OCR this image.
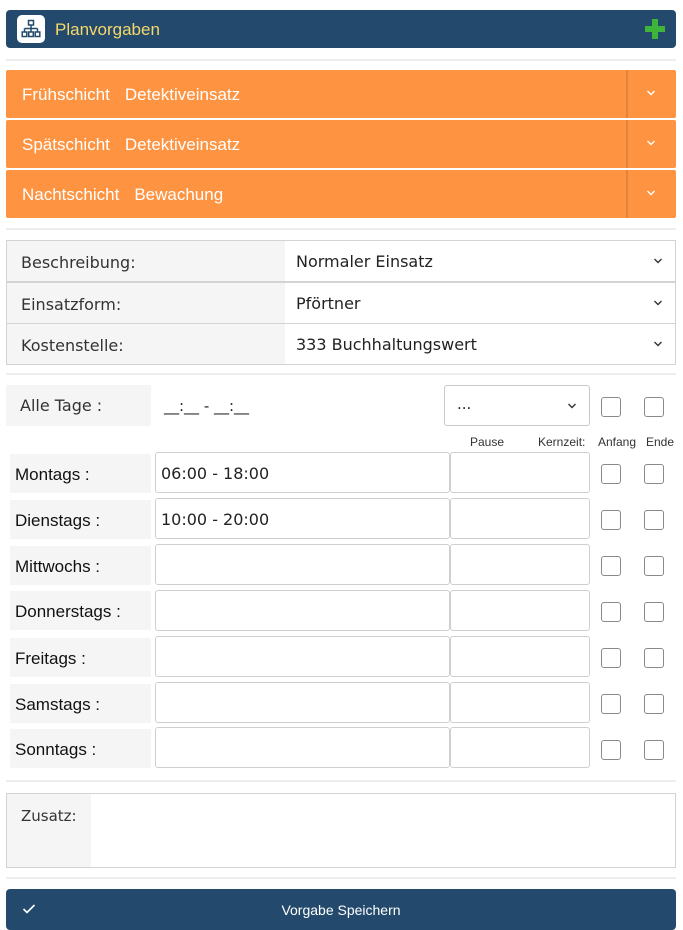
Planvorgaben
Frühschicht Detektiveinsatz
Spätschicht Detektiveinsatz
Nachtschicht Bewachung
Beschreibung:	Normaler Einsatz
Einsatzform:	Pförtner
Kostenstelle:	333 Buchhaltungswert
Alle Tage :	__:__ - __:__	...
Pause	Kernzeit: Anfang Ende
Montags :	06:00 - 18:00
Dienstags :	10:00 - 20:00
Mittwochs :
Donnerstags :
Freitags :
Samstags :
Sonntags :
Zusatz:
Vorgabe Speichern
